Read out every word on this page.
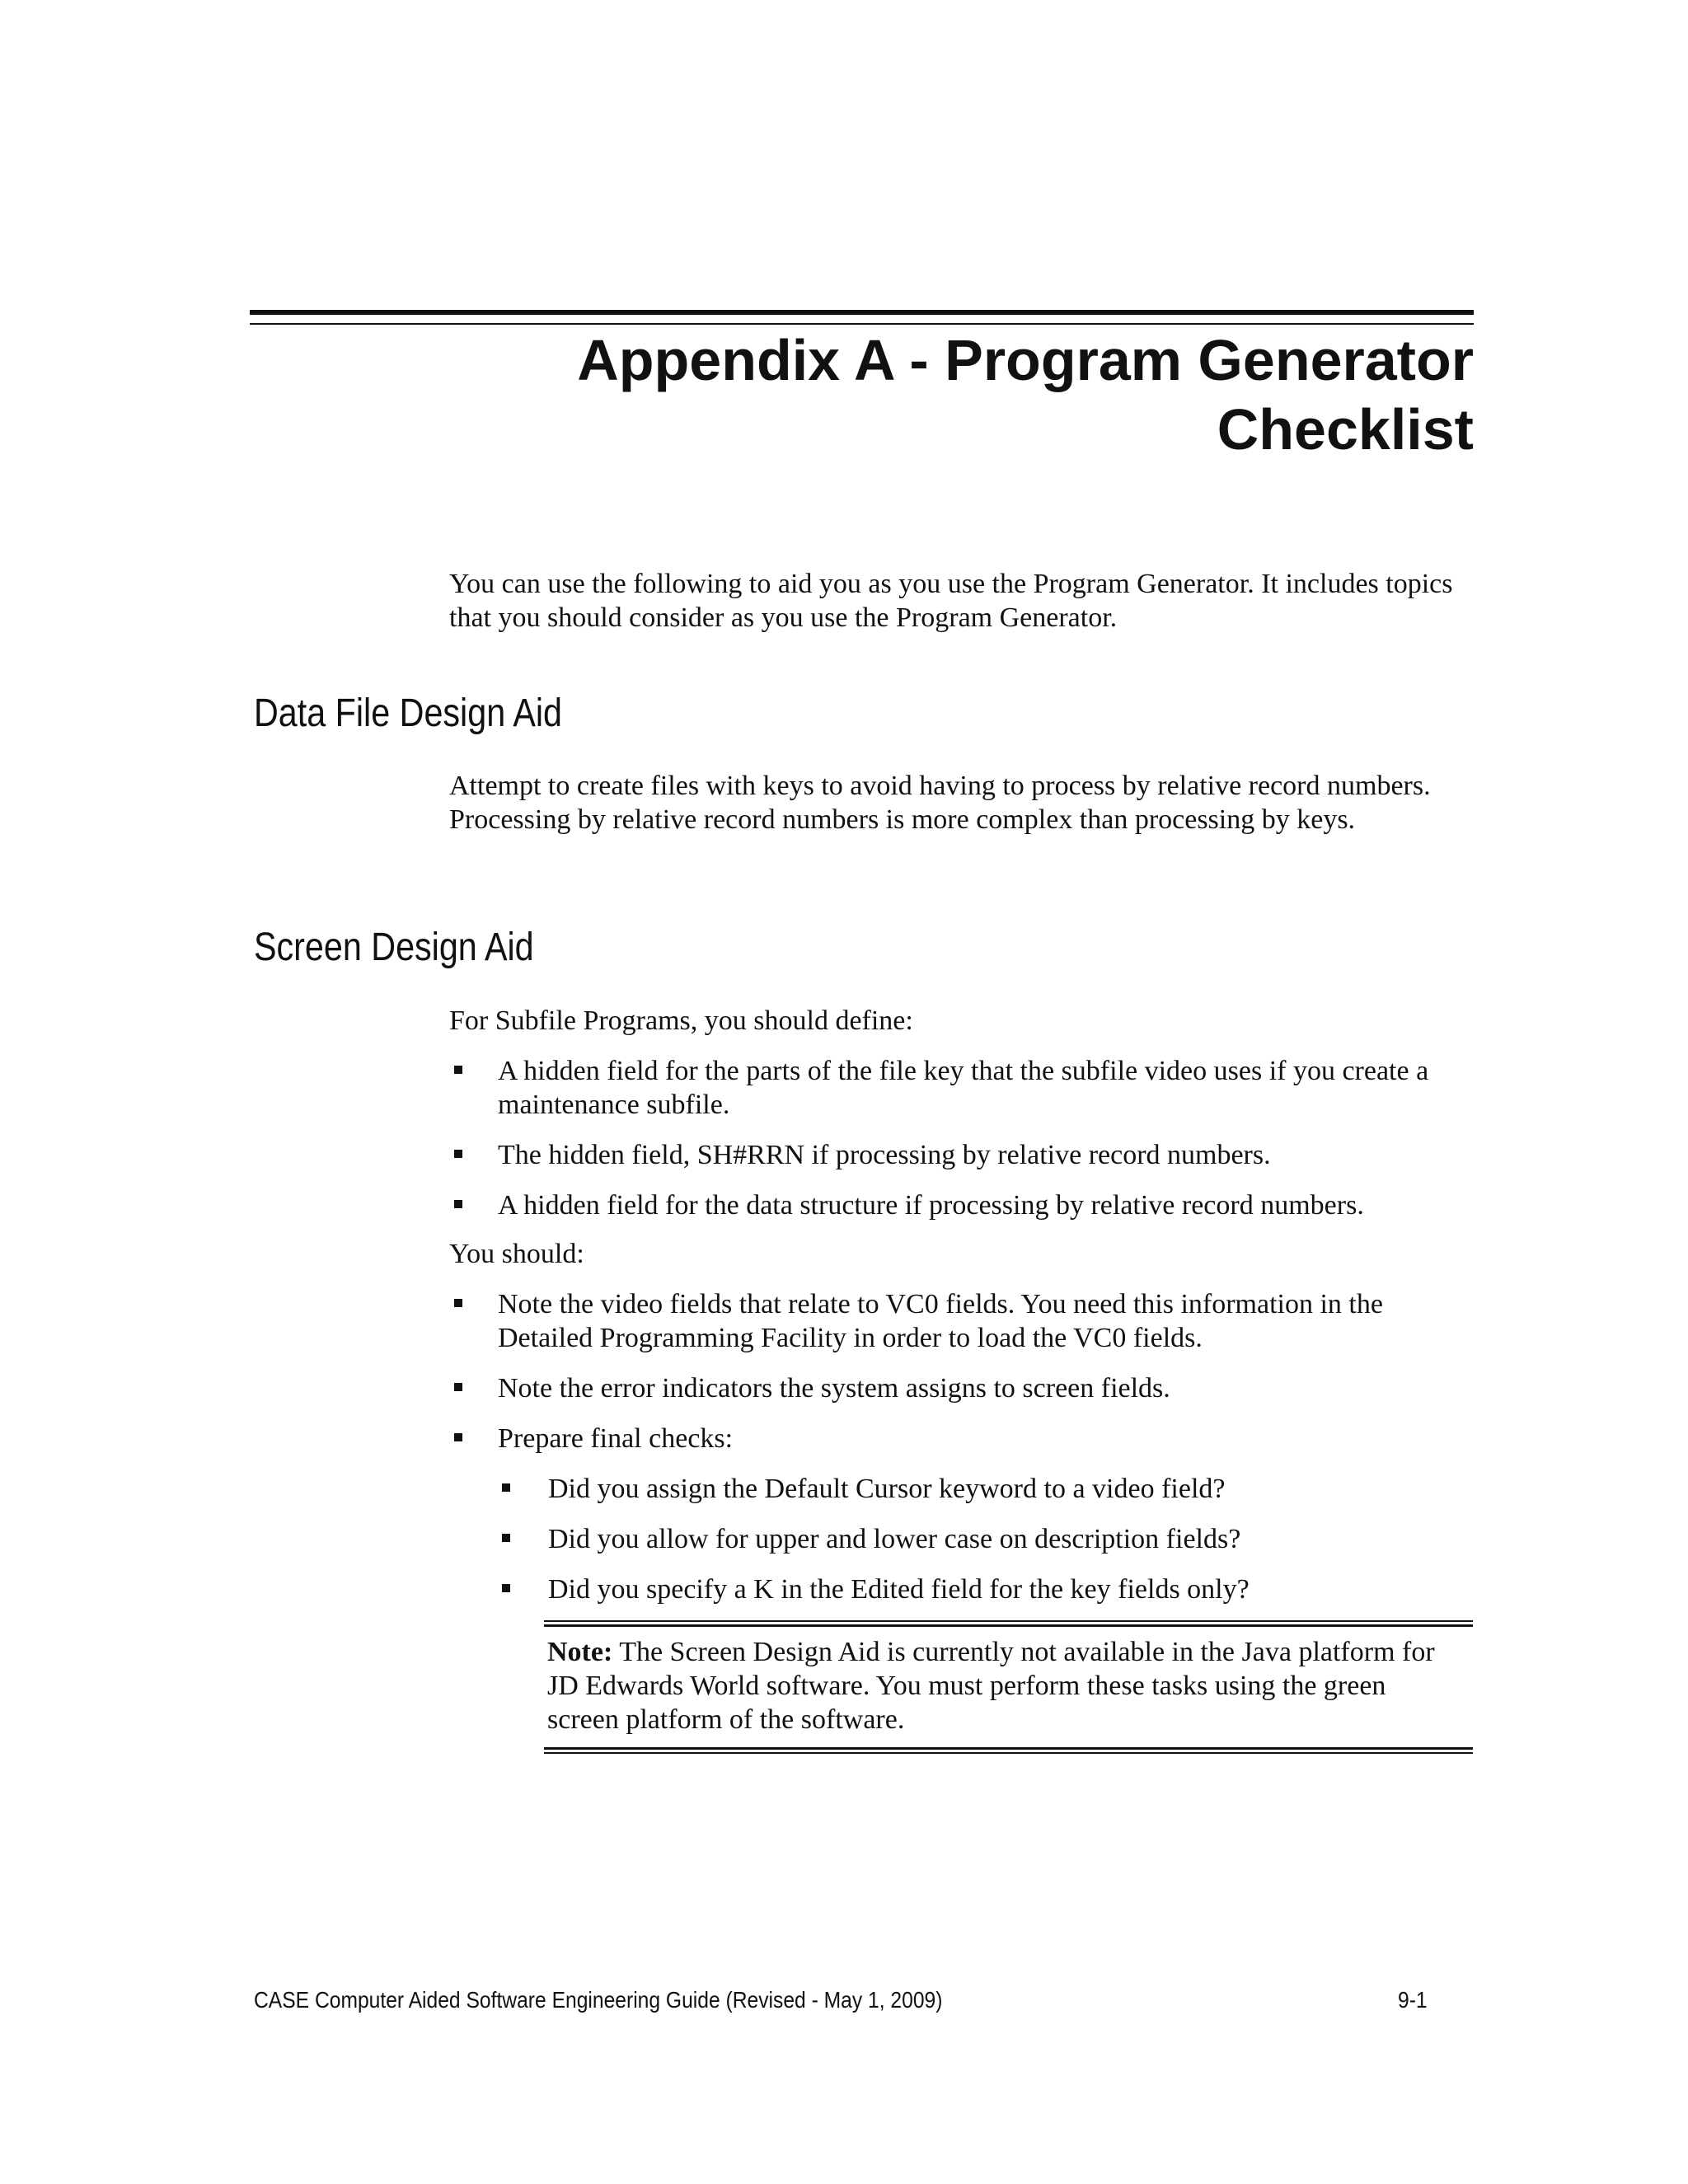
Appendix A - Program Generator
Checklist

You can use the following to aid you as you use the Program Generator. It includes topics that you should consider as you use the Program Generator.

Data File Design Aid

Attempt to create files with keys to avoid having to process by relative record numbers. Processing by relative record numbers is more complex than processing by keys.

Screen Design Aid

For Subfile Programs, you should define:

A hidden field for the parts of the file key that the subfile video uses if you create a maintenance subfile.
The hidden field, SH#RRN if processing by relative record numbers.
A hidden field for the data structure if processing by relative record numbers.

You should:

Note the video fields that relate to VC0 fields. You need this information in the Detailed Programming Facility in order to load the VC0 fields.
Note the error indicators the system assigns to screen fields.
Prepare final checks:
Did you assign the Default Cursor keyword to a video field?
Did you allow for upper and lower case on description fields?
Did you specify a K in the Edited field for the key fields only?

Note: The Screen Design Aid is currently not available in the Java platform for JD Edwards World software. You must perform these tasks using the green screen platform of the software.

CASE Computer Aided Software Engineering Guide (Revised - May 1, 2009)	9-1
